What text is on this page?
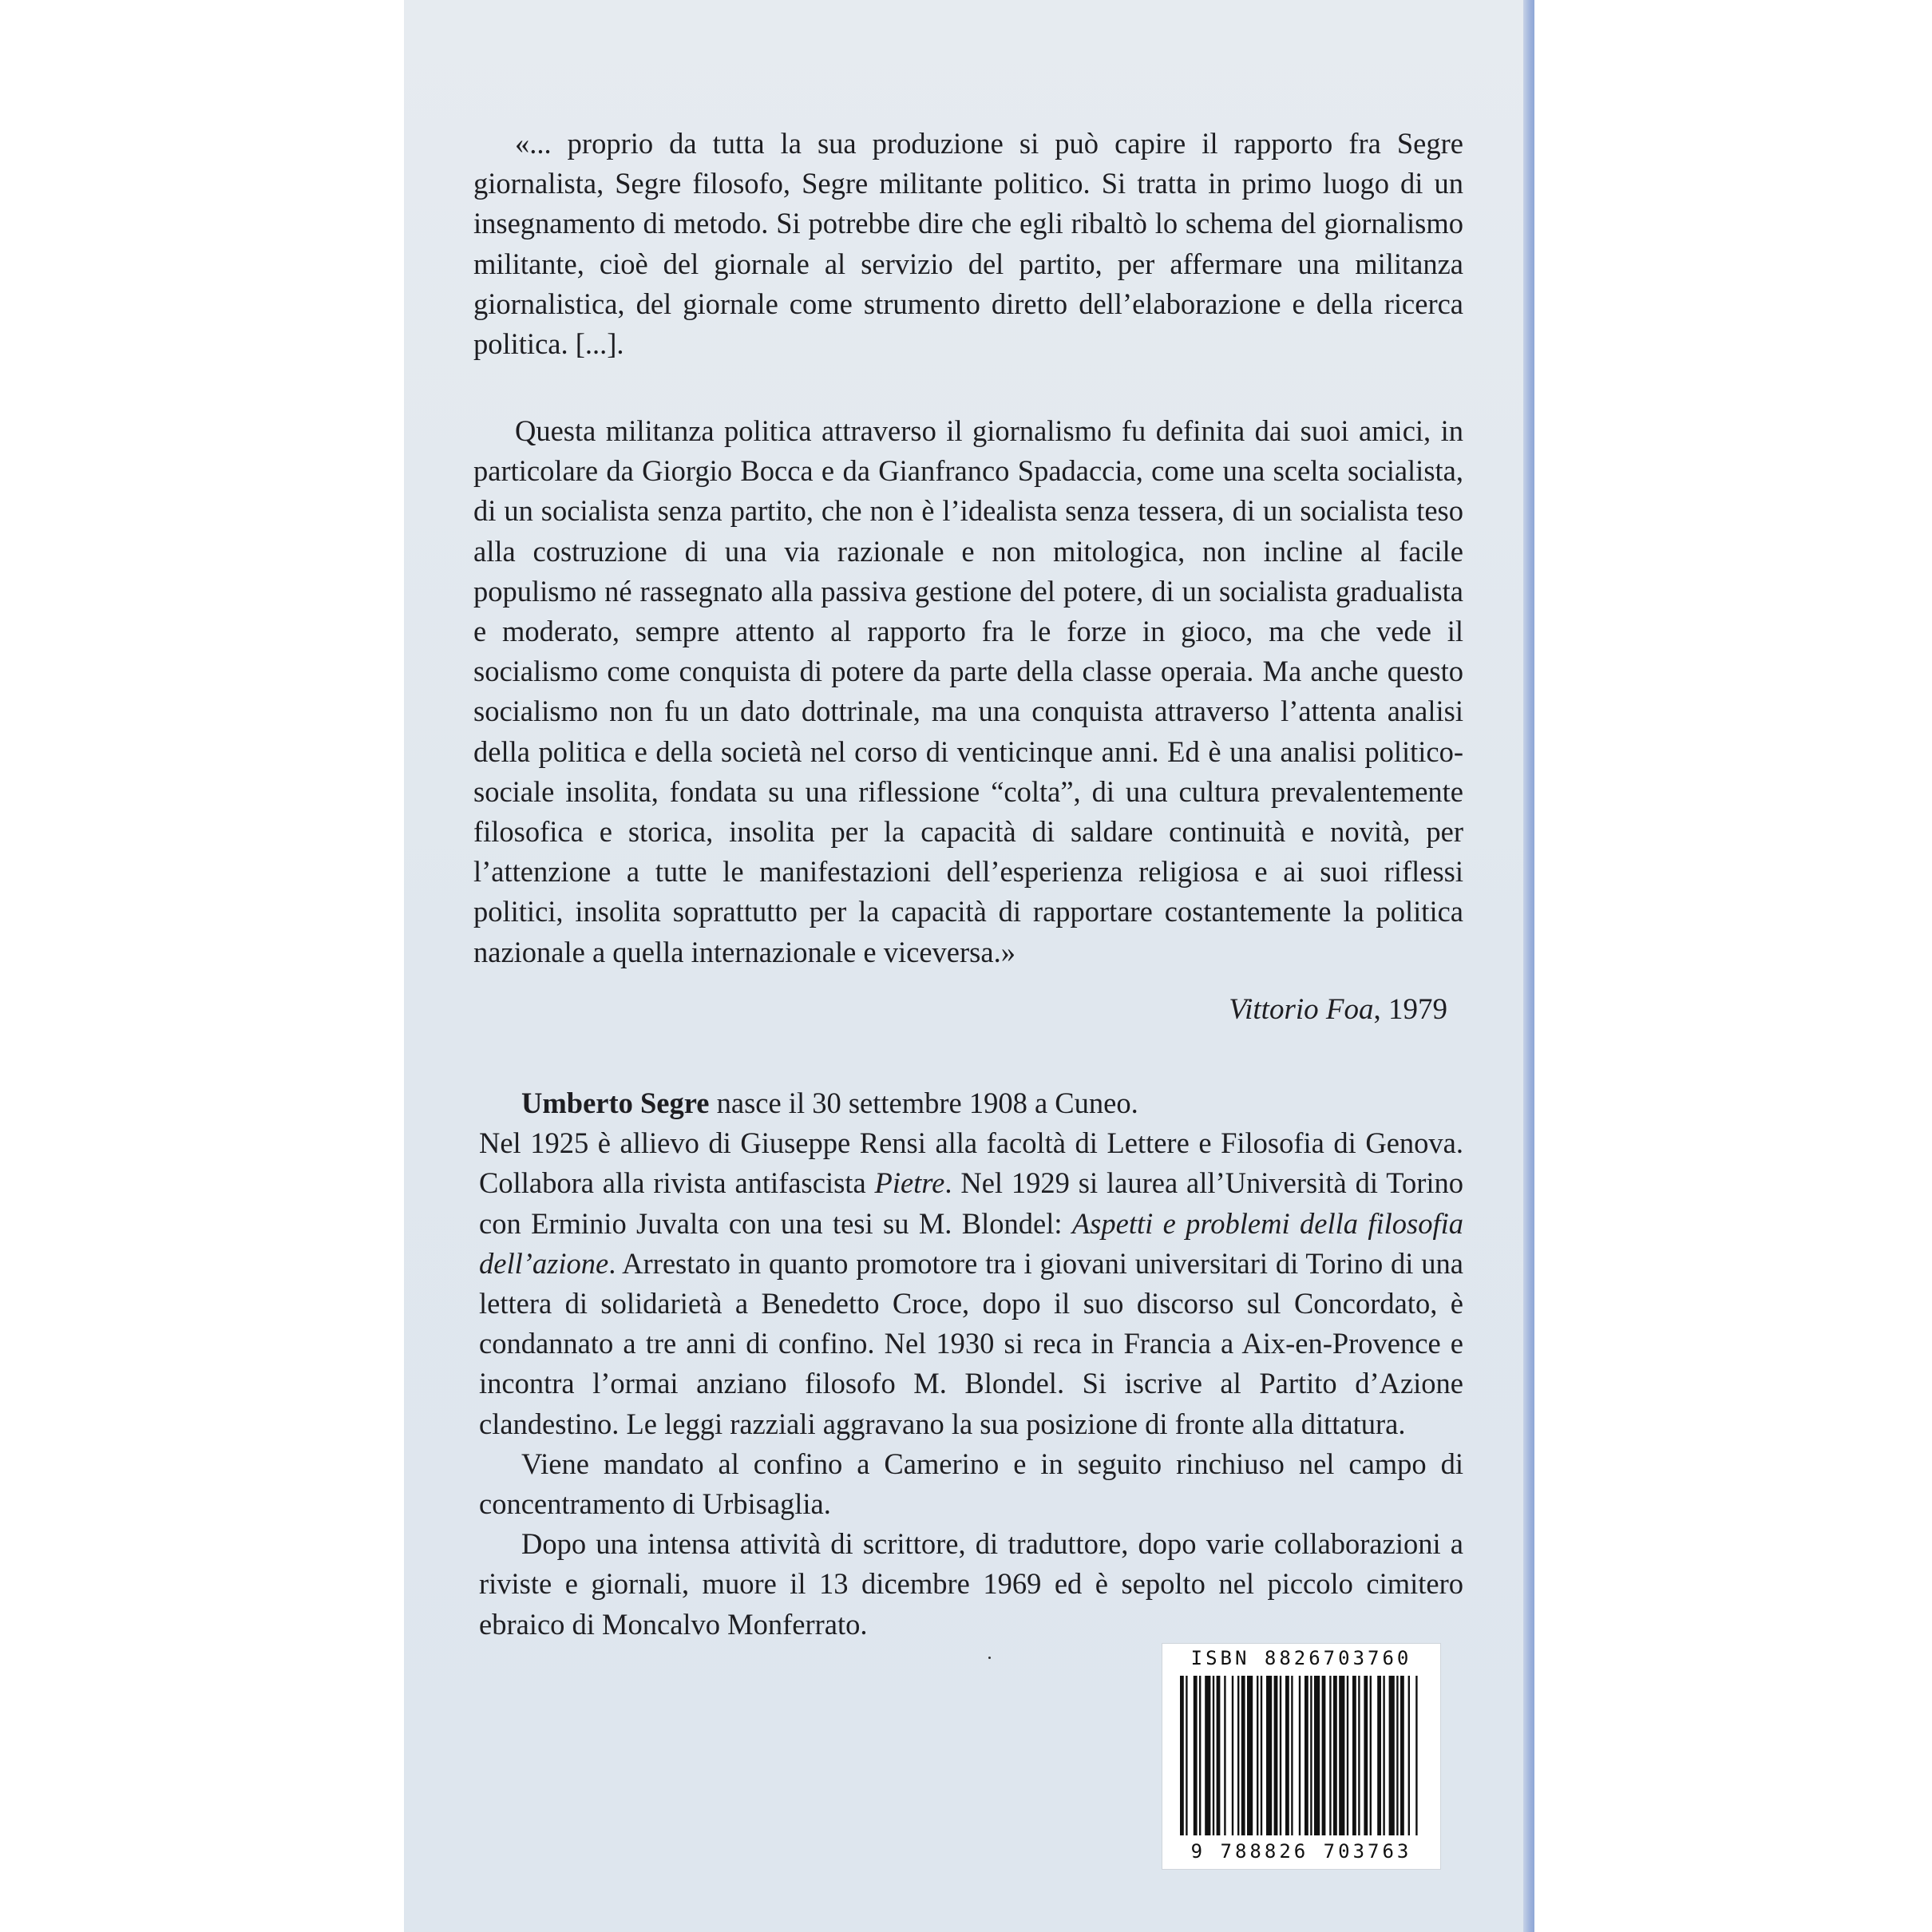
«... proprio da tutta la sua produzione si può capire il rapporto fra Segre giornalista, Segre filosofo, Segre militante politico. Si tratta in primo luogo di un insegnamento di metodo. Si potrebbe dire che egli ribaltò lo schema del giornalismo militante, cioè del giornale al servizio del partito, per affermare una militanza giornalistica, del giornale come strumento diretto dell’elaborazione e della ricerca politica. [...].

Questa militanza politica attraverso il giornalismo fu definita dai suoi amici, in particolare da Giorgio Bocca e da Gianfranco Spadaccia, come una scelta socialista, di un socialista senza partito, che non è l’idealista senza tessera, di un socialista teso alla costruzione di una via razionale e non mitologica, non incline al facile populismo né rassegnato alla passiva gestione del potere, di un socialista gradualista e moderato, sempre attento al rapporto fra le forze in gioco, ma che vede il socialismo come conquista di potere da parte della classe operaia. Ma anche questo socialismo non fu un dato dottrinale, ma una conquista attraverso l’attenta analisi della politica e della società nel corso di venticinque anni. Ed è una analisi politico-sociale insolita, fondata su una riflessione “colta”, di una cultura prevalentemente filosofica e storica, insolita per la capacità di saldare continuità e novità, per l’attenzione a tutte le manifestazioni dell’esperienza religiosa e ai suoi riflessi politici, insolita soprattutto per la capacità di rapportare costantemente la politica nazionale a quella internazionale e viceversa.»

Vittorio Foa, 1979

Umberto Segre nasce il 30 settembre 1908 a Cuneo.

Nel 1925 è allievo di Giuseppe Rensi alla facoltà di Lettere e Filosofia di Genova. Collabora alla rivista antifascista Pietre. Nel 1929 si laurea all’Università di Torino con Erminio Juvalta con una tesi su M. Blondel: Aspetti e problemi della filosofia dell’azione. Arrestato in quanto promotore tra i giovani universitari di Torino di una lettera di solidarietà a Benedetto Croce, dopo il suo discorso sul Concordato, è condannato a tre anni di confino. Nel 1930 si reca in Francia a Aix-en-Provence e incontra l’ormai anziano filosofo M. Blondel. Si iscrive al Partito d’Azione clandestino. Le leggi razziali aggravano la sua posizione di fronte alla dittatura.

Viene mandato al confino a Camerino e in seguito rinchiuso nel campo di concentramento di Urbisaglia.

Dopo una intensa attività di scrittore, di traduttore, dopo varie collaborazioni a riviste e giornali, muore il 13 dicembre 1969 ed è sepolto nel piccolo cimitero ebraico di Moncalvo Monferrato.

ISBN 8826703760
9 788826 703763
